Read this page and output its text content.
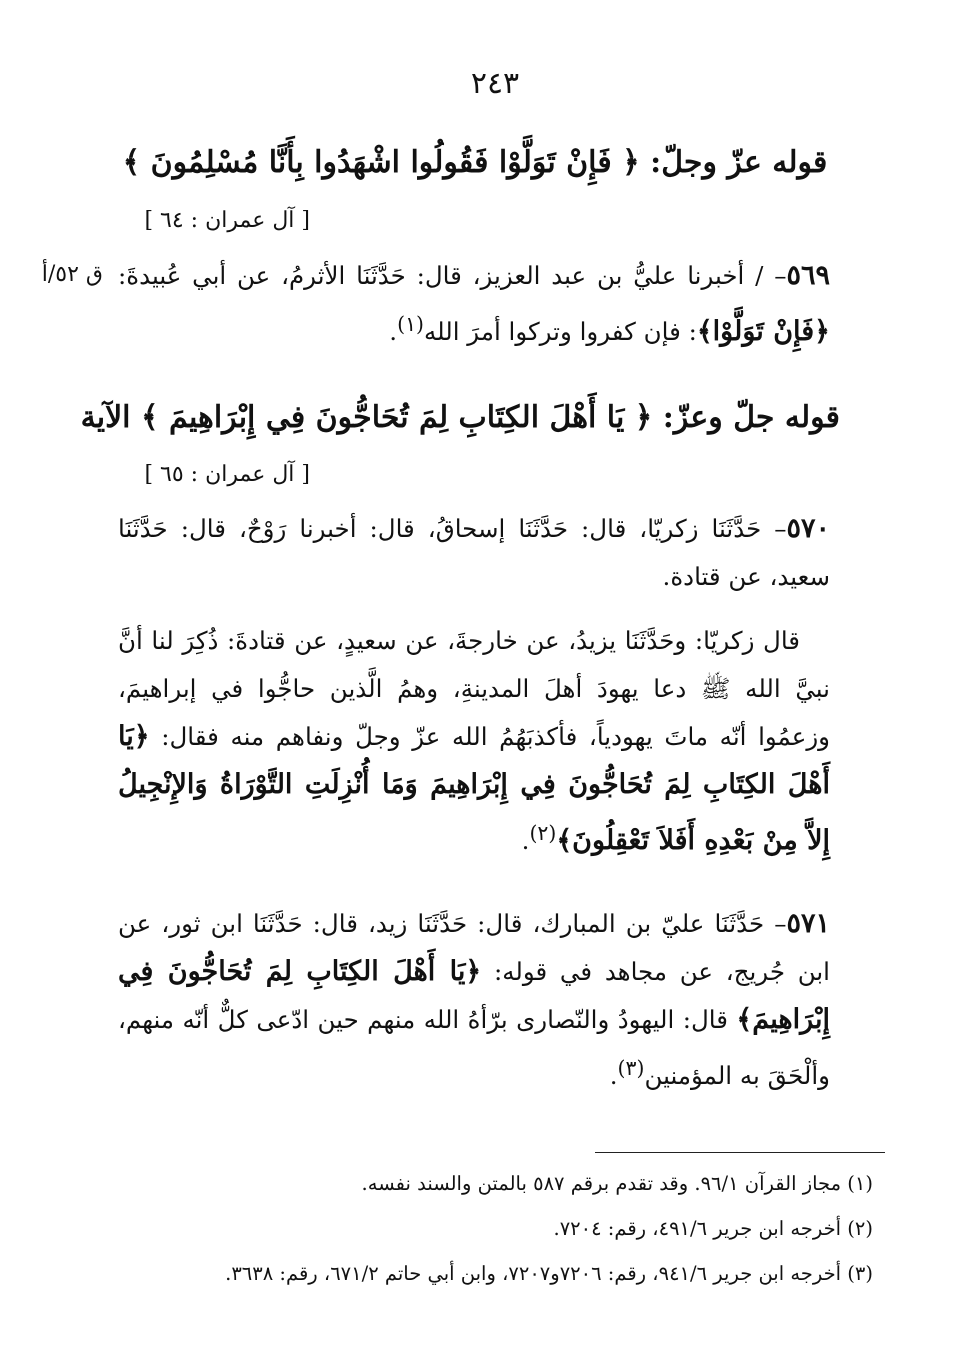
٢٤٣
قوله عزّ وجلّ: ﴿ فَإِنْ تَوَلَّوْا فَقُولُوا اشْهَدُوا بِأَنَّا مُسْلِمُونَ ﴾
[ آل عمران : ٦٤ ]
ق ٥٢/أ	٥٦٩– / أخبرنا عليُّ بن عبد العزيز، قال: حَدَّثَنَا الأثرمُ، عن أبي عُبيدةَ: ﴿فَإِنْ تَوَلَّوْا﴾: فإن كفروا وتركوا أمرَ الله$^{(١)}$.
قوله جلّ وعزّ: ﴿ يَا أَهْلَ الكِتَابِ لِمَ تُحَاجُّونَ فِي إِبْرَاهِيمَ ﴾ الآية
[ آل عمران : ٦٥ ]
٥٧٠– حَدَّثَنَا زكريّا، قال: حَدَّثَنَا إسحاقُ، قال: أخبرنا رَوْحٌ، قال: حَدَّثَنَا سعيد، عن قتادة.
قال زكريّا: وحَدَّثَنَا يزيدُ، عن خارجةَ، عن سعيدٍ، عن قتادةَ: ذُكِرَ لنا أنَّ نبيَّ الله ﷺ دعا يهودَ أهلَ المدينةِ، وهمُ الَّذين حاجُّوا في إبراهيمَ، وزعمُوا أنّه ماتَ يهودياً، فأكذبَهُمُ الله عزّ وجلّ ونفاهم منه فقال: ﴿يَا أَهْلَ الكِتَابِ لِمَ تُحَاجُّونَ فِي إِبْرَاهِيمَ وَمَا أُنْزِلَتِ التَّوْرَاةُ وَالإِنْجِيلُ إِلاَّ مِنْ بَعْدِهِ أَفَلاَ تَعْقِلُونَ﴾$^{(٢)}$.
٥٧١– حَدَّثَنَا عليّ بن المبارك، قال: حَدَّثَنَا زيد، قال: حَدَّثَنَا ابن ثور، عن ابن جُريج، عن مجاهد في قوله: ﴿يَا أَهْلَ الكِتَابِ لِمَ تُحَاجُّونَ فِي إِبْرَاهِيمَ﴾ قال: اليهودُ والنّصارى برّأهُ الله منهم حين ادّعى كلٌّ أنّه منهم، وألْحَقَ به المؤمنين$^{(٣)}$.
(١) مجاز القرآن ٩٦/١. وقد تقدم برقم ٥٨٧ بالمتن والسند نفسه.
(٢) أخرجه ابن جرير ٤٩١/٦، رقم: ٧٢٠٤.
(٣) أخرجه ابن جرير ٩٤١/٦، رقم: ٧٢٠٦و٧٢٠٧، وابن أبي حاتم ٦٧١/٢، رقم: ٣٦٣٨.
